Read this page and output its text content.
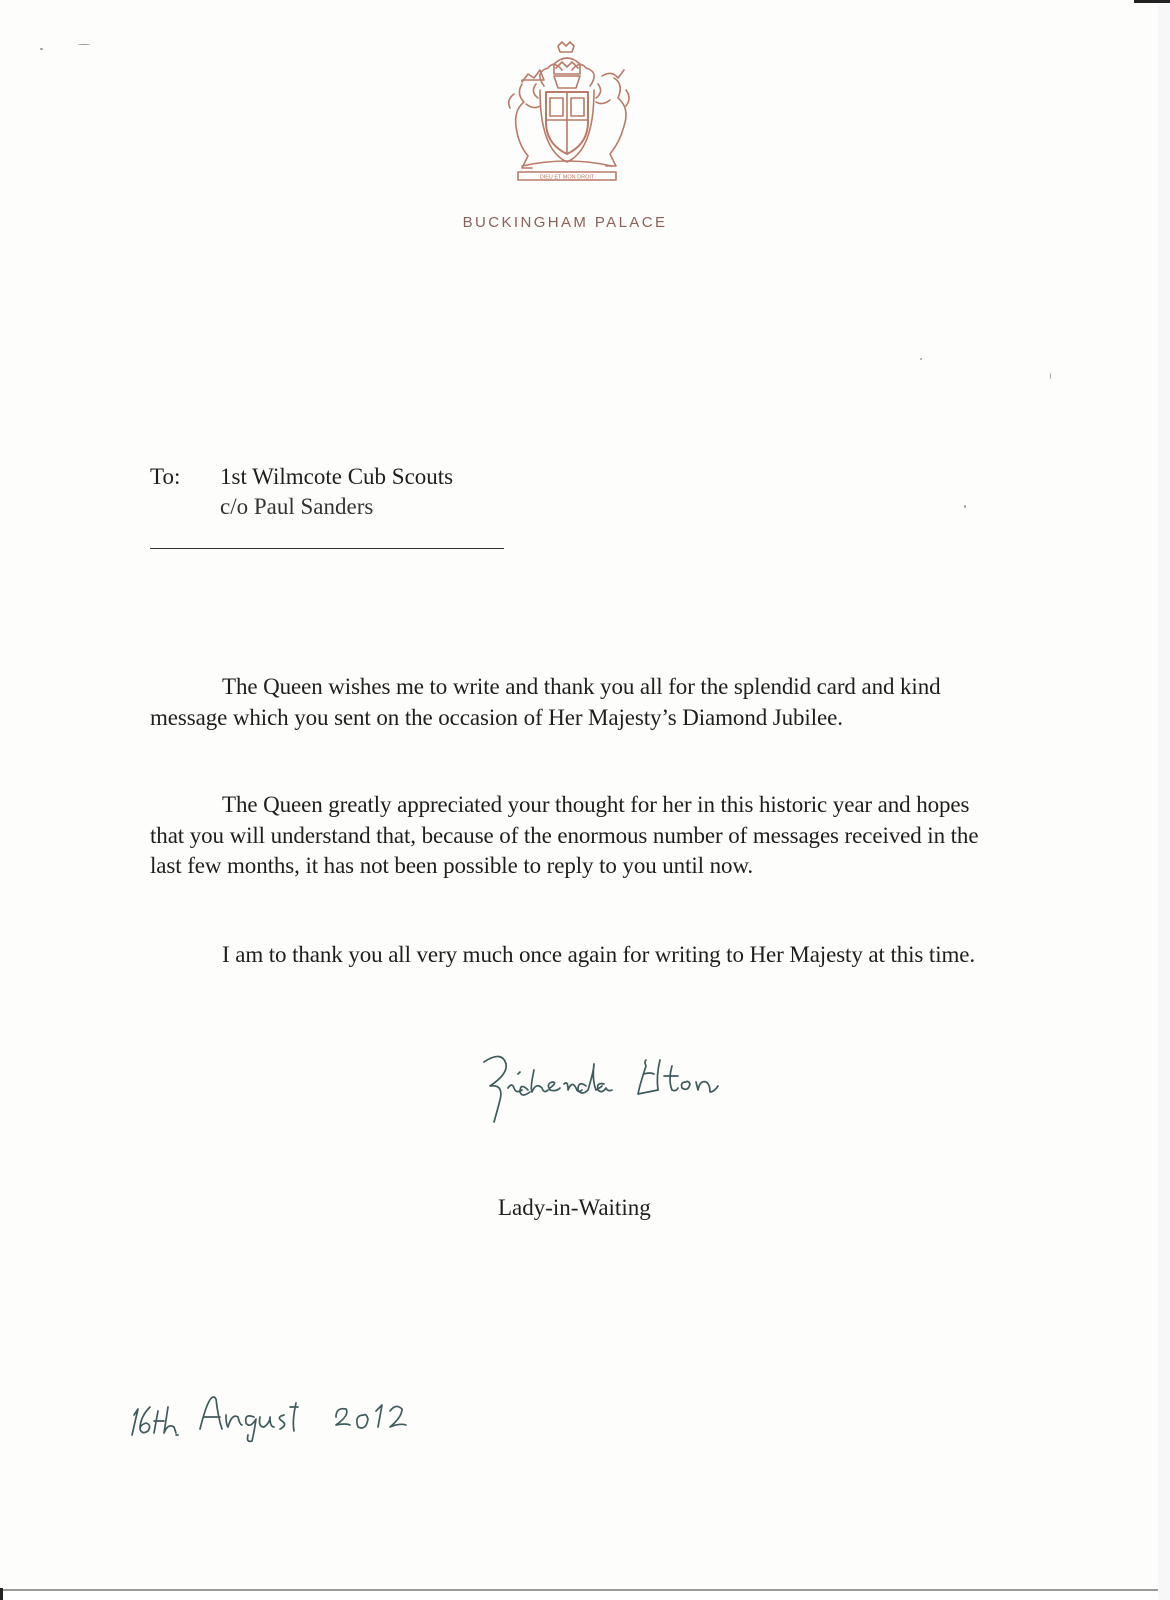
DIEU ET MON DROIT
BUCKINGHAM PALACE
To: 1st Wilmcote Cub Scouts
c/o Paul Sanders

The Queen wishes me to write and thank you all for the splendid card and kind message which you sent on the occasion of Her Majesty’s Diamond Jubilee.

The Queen greatly appreciated your thought for her in this historic year and hopes that you will understand that, because of the enormous number of messages received in the last few months, it has not been possible to reply to you until now.

I am to thank you all very much once again for writing to Her Majesty at this time.

Lady-in-Waiting
